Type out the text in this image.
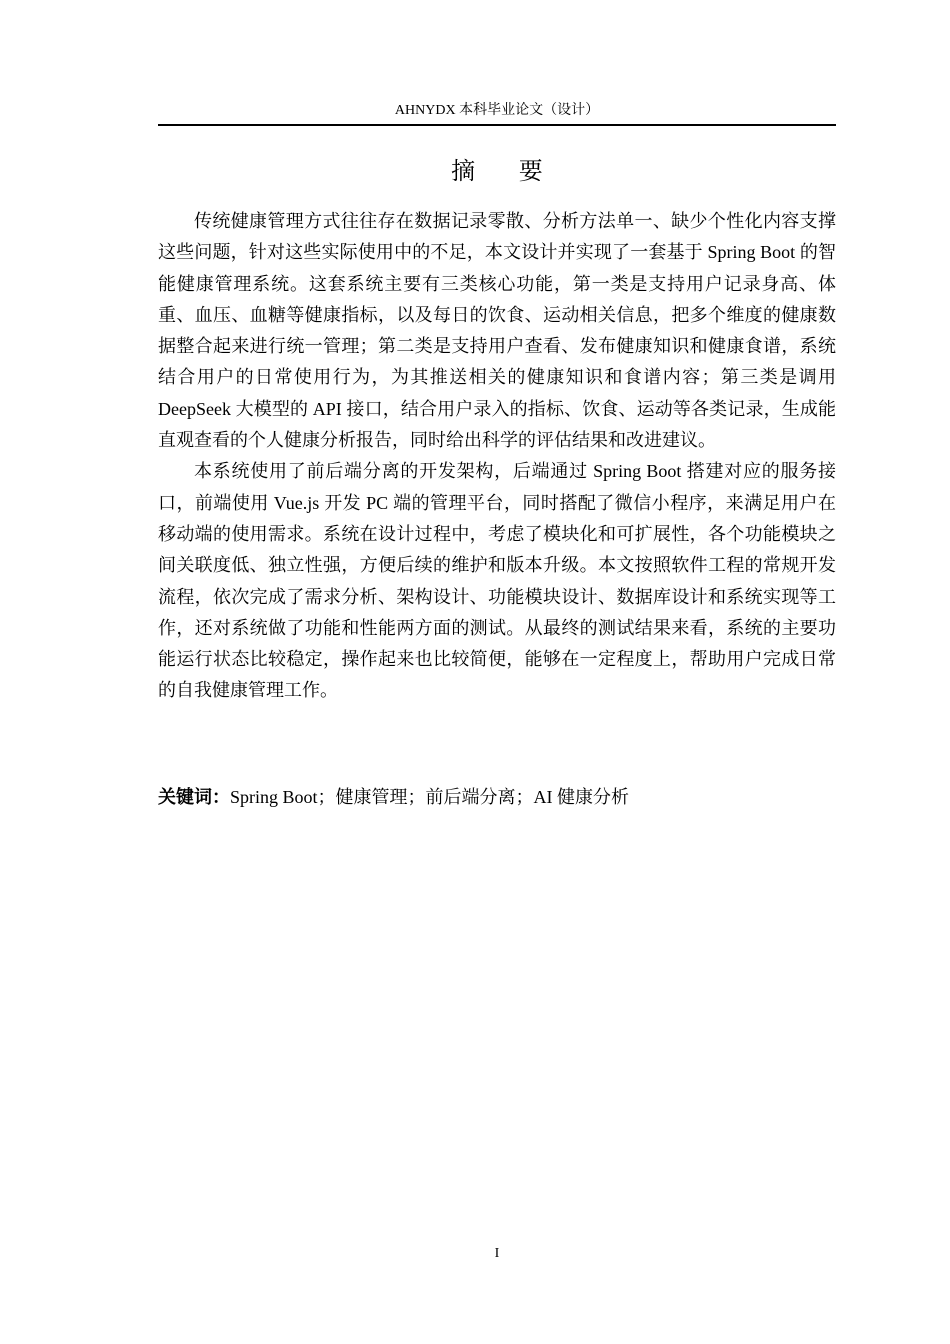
AHNYDX 本科毕业论文（设计）
摘 要

传统健康管理方式往往存在数据记录零散、分析方法单一、缺少个性化内容支撑这些问题，针对这些实际使用中的不足，本文设计并实现了一套基于 Spring Boot 的智能健康管理系统。这套系统主要有三类核心功能，第一类是支持用户记录身高、体重、血压、血糖等健康指标，以及每日的饮食、运动相关信息，把多个维度的健康数据整合起来进行统一管理；第二类是支持用户查看、发布健康知识和健康食谱，系统结合用户的日常使用行为，为其推送相关的健康知识和食谱内容；第三类是调用 DeepSeek 大模型的 API 接口，结合用户录入的指标、饮食、运动等各类记录，生成能直观查看的个人健康分析报告，同时给出科学的评估结果和改进建议。

本系统使用了前后端分离的开发架构，后端通过 Spring Boot 搭建对应的服务接口，前端使用 Vue.js 开发 PC 端的管理平台，同时搭配了微信小程序，来满足用户在移动端的使用需求。系统在设计过程中，考虑了模块化和可扩展性，各个功能模块之间关联度低、独立性强，方便后续的维护和版本升级。本文按照软件工程的常规开发流程，依次完成了需求分析、架构设计、功能模块设计、数据库设计和系统实现等工作，还对系统做了功能和性能两方面的测试。从最终的测试结果来看，系统的主要功能运行状态比较稳定，操作起来也比较简便，能够在一定程度上，帮助用户完成日常的自我健康管理工作。

关键词：Spring Boot；健康管理；前后端分离；AI 健康分析
I
